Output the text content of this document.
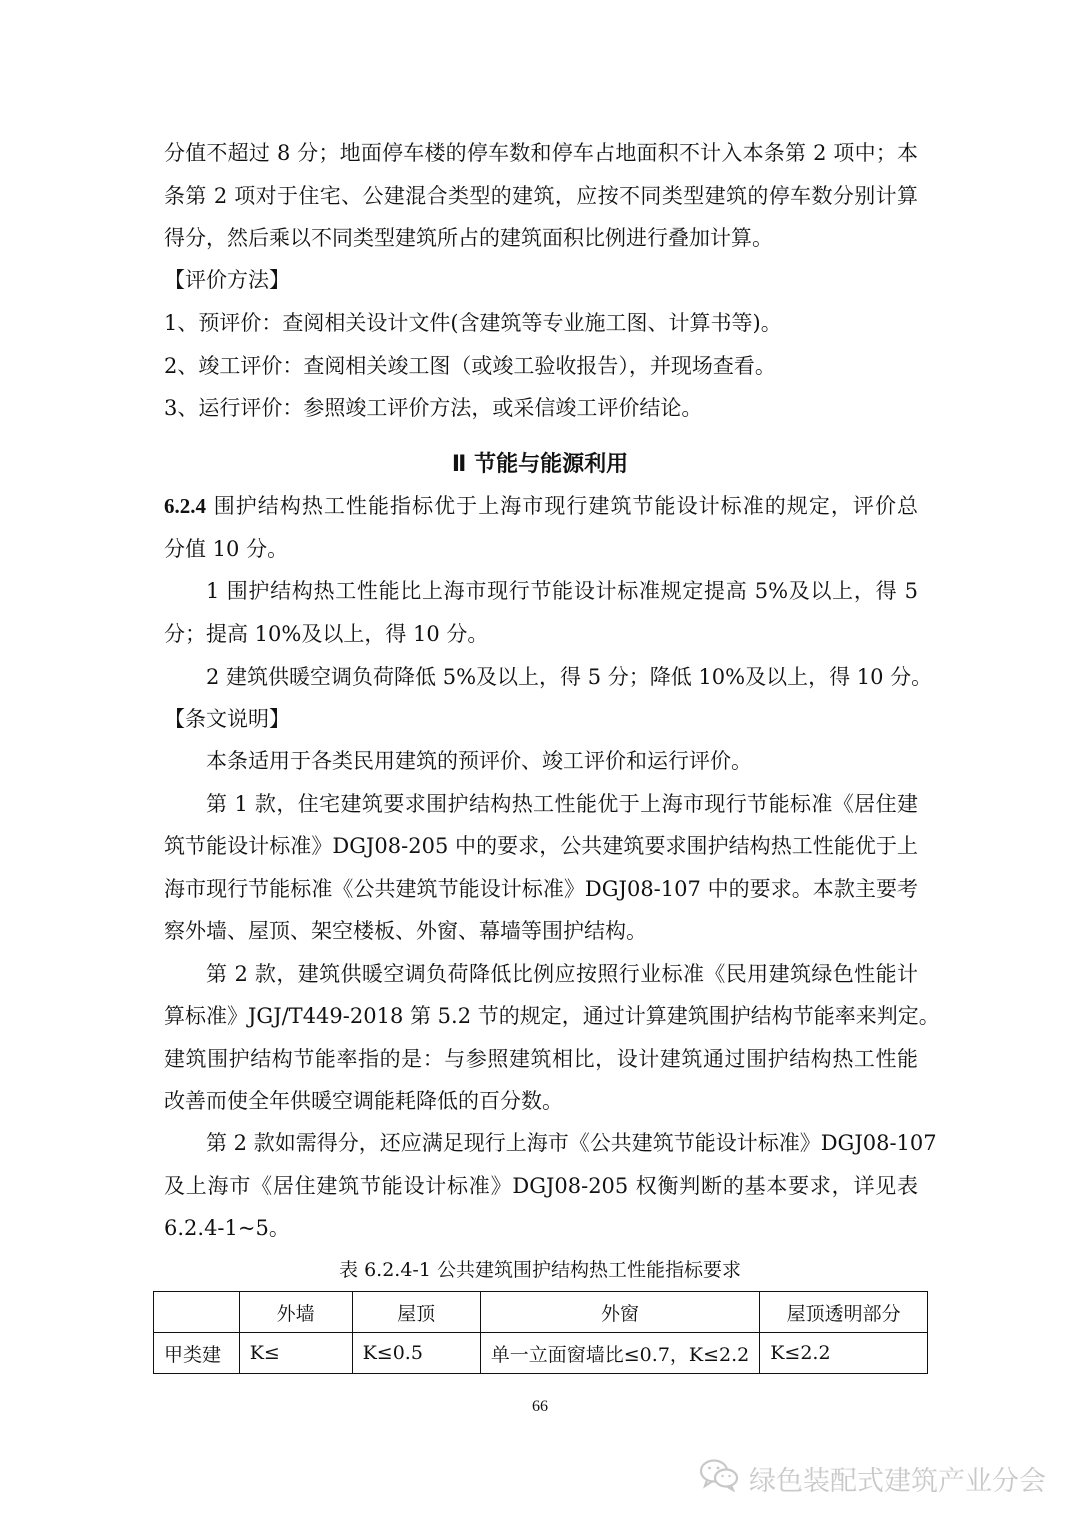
分值不超过 8 分；地面停车楼的停车数和停车占地面积不计入本条第 2 项中；本
条第 2 项对于住宅、公建混合类型的建筑，应按不同类型建筑的停车数分别计算
得分，然后乘以不同类型建筑所占的建筑面积比例进行叠加计算。
【评价方法】
1、预评价：查阅相关设计文件(含建筑等专业施工图、计算书等)。
2、竣工评价：查阅相关竣工图（或竣工验收报告），并现场查看。
3、运行评价：参照竣工评价方法，或采信竣工评价结论。
Ⅱ 节能与能源利用
6.2.4 围护结构热工性能指标优于上海市现行建筑节能设计标准的规定，评价总
分值 10 分。
1 围护结构热工性能比上海市现行节能设计标准规定提高 5%及以上，得 5
分；提高 10%及以上，得 10 分。
2 建筑供暖空调负荷降低 5%及以上，得 5 分；降低 10%及以上，得 10 分。
【条文说明】
本条适用于各类民用建筑的预评价、竣工评价和运行评价。
第 1 款，住宅建筑要求围护结构热工性能优于上海市现行节能标准《居住建
筑节能设计标准》DGJ08-205 中的要求，公共建筑要求围护结构热工性能优于上
海市现行节能标准《公共建筑节能设计标准》DGJ08-107 中的要求。本款主要考
察外墙、屋顶、架空楼板、外窗、幕墙等围护结构。
第 2 款，建筑供暖空调负荷降低比例应按照行业标准《民用建筑绿色性能计
算标准》JGJ/T449-2018 第 5.2 节的规定，通过计算建筑围护结构节能率来判定。
建筑围护结构节能率指的是：与参照建筑相比，设计建筑通过围护结构热工性能
改善而使全年供暖空调能耗降低的百分数。
第 2 款如需得分，还应满足现行上海市《公共建筑节能设计标准》DGJ08-107
及上海市《居住建筑节能设计标准》DGJ08-205 权衡判断的基本要求，详见表
6.2.4-1~5。
表 6.2.4-1 公共建筑围护结构热工性能指标要求
	外墙	屋顶	外窗	屋顶透明部分
甲类建	K≤	K≤0.5	单一立面窗墙比≤0.7，K≤2.2	K≤2.2
66
绿色装配式建筑产业分会
